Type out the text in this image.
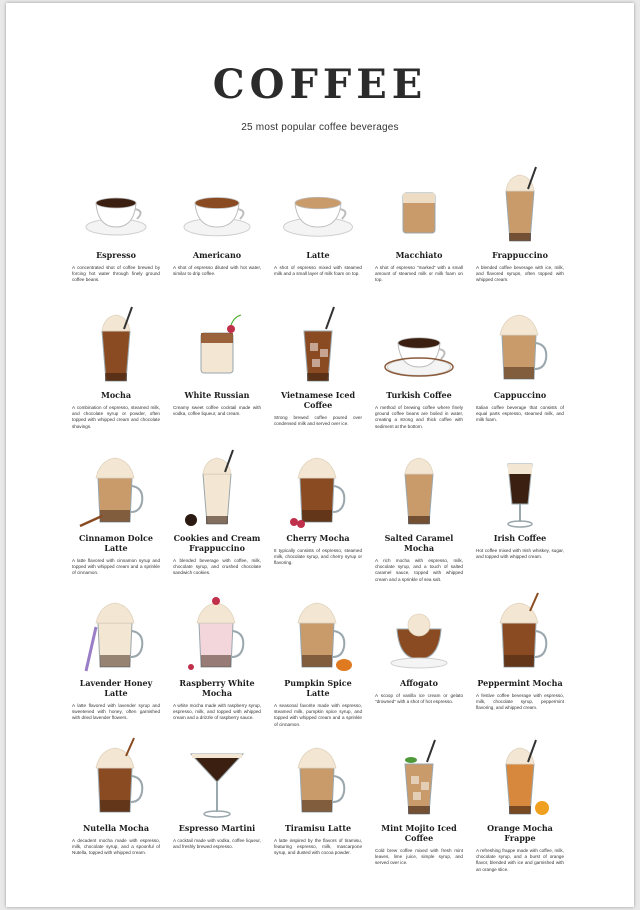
COFFEE
25 most popular coffee beverages
Espresso
A concentrated shot of coffee brewed by forcing hot water through finely ground coffee beans.
Americano
A shot of espresso diluted with hot water, similar to drip coffee.
Latte
A shot of espresso mixed with steamed milk and a small layer of milk foam on top.
Macchiato
A shot of espresso "marked" with a small amount of steamed milk or milk foam on top.
Frappuccino
A blended coffee beverage with ice, milk, and flavored syrups, often topped with whipped cream.
Mocha
A combination of espresso, steamed milk, and chocolate syrup or powder, often topped with whipped cream and chocolate shavings.
White Russian
Creamy sweet coffee cocktail made with vodka, coffee liqueur, and cream.
Vietnamese Iced Coffee
Strong brewed coffee poured over condensed milk and served over ice.
Turkish Coffee
A method of brewing coffee where finely ground coffee beans are boiled in water, creating a strong and thick coffee with sediment at the bottom.
Cappuccino
Italian coffee beverage that consists of equal parts espresso, steamed milk, and milk foam.
Cinnamon Dolce Latte
A latte flavored with cinnamon syrup and topped with whipped cream and a sprinkle of cinnamon.
Cookies and Cream Frappuccino
A blended beverage with coffee, milk, chocolate syrup, and crushed chocolate sandwich cookies.
Cherry Mocha
It typically consists of espresso, steamed milk, chocolate syrup, and cherry syrup or flavoring.
Salted Caramel Mocha
A rich mocha with espresso, milk, chocolate syrup, and a touch of salted caramel sauce, topped with whipped cream and a sprinkle of sea salt.
Irish Coffee
Hot coffee mixed with Irish whiskey, sugar, and topped with whipped cream.
Lavender Honey Latte
A latte flavored with lavender syrup and sweetened with honey, often garnished with dried lavender flowers.
Raspberry White Mocha
A white mocha made with raspberry syrup, espresso, milk, and topped with whipped cream and a drizzle of raspberry sauce.
Pumpkin Spice Latte
A seasonal favorite made with espresso, steamed milk, pumpkin spice syrup, and topped with whipped cream and a sprinkle of cinnamon.
Affogato
A scoop of vanilla ice cream or gelato "drowned" with a shot of hot espresso.
Peppermint Mocha
A festive coffee beverage with espresso, milk, chocolate syrup, peppermint flavoring, and whipped cream.
Nutella Mocha
A decadent mocha made with espresso, milk, chocolate syrup, and a spoonful of Nutella, topped with whipped cream.
Espresso Martini
A cocktail made with vodka, coffee liqueur, and freshly brewed espresso.
Tiramisu Latte
A latte inspired by the flavors of tiramisu, featuring espresso, milk, mascarpone syrup, and dusted with cocoa powder.
Mint Mojito Iced Coffee
Cold brew coffee mixed with fresh mint leaves, lime juice, simple syrup, and served over ice.
Orange Mocha Frappe
A refreshing frappe made with coffee, milk, chocolate syrup, and a burst of orange flavor, blended with ice and garnished with an orange slice.
